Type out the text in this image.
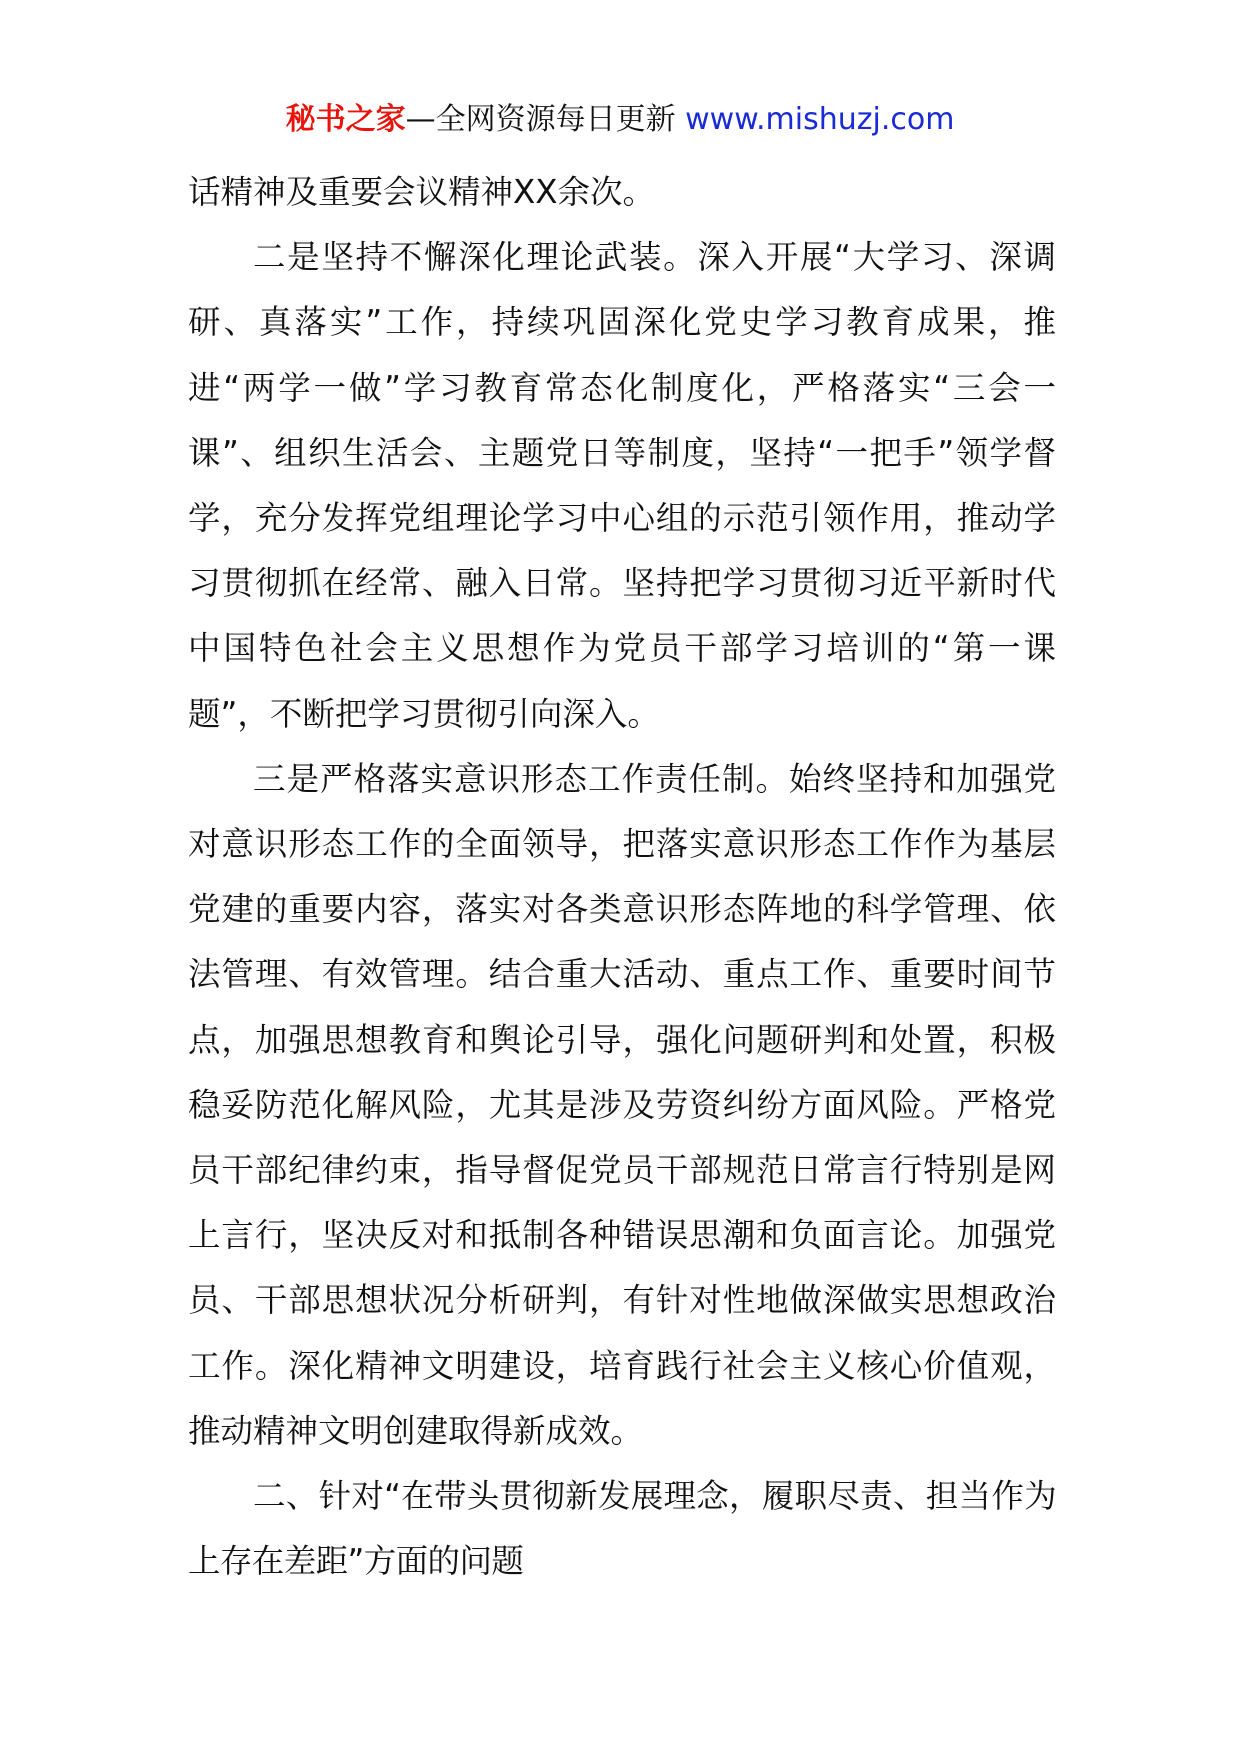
秘书之家—全网资源每日更新 www.mishuzj.com

话精神及重要会议精神XX余次。

二是坚持不懈深化理论武装。深入开展“大学习、深调研、真落实”工作，持续巩固深化党史学习教育成果，推进“两学一做”学习教育常态化制度化，严格落实“三会一课”、组织生活会、主题党日等制度，坚持“一把手”领学督学，充分发挥党组理论学习中心组的示范引领作用，推动学习贯彻抓在经常、融入日常。坚持把学习贯彻习近平新时代中国特色社会主义思想作为党员干部学习培训的“第一课题”，不断把学习贯彻引向深入。

三是严格落实意识形态工作责任制。始终坚持和加强党对意识形态工作的全面领导，把落实意识形态工作作为基层党建的重要内容，落实对各类意识形态阵地的科学管理、依法管理、有效管理。结合重大活动、重点工作、重要时间节点，加强思想教育和舆论引导，强化问题研判和处置，积极稳妥防范化解风险，尤其是涉及劳资纠纷方面风险。严格党员干部纪律约束，指导督促党员干部规范日常言行特别是网上言行，坚决反对和抵制各种错误思潮和负面言论。加强党员、干部思想状况分析研判，有针对性地做深做实思想政治工作。深化精神文明建设，培育践行社会主义核心价值观，推动精神文明创建取得新成效。

二、针对“在带头贯彻新发展理念，履职尽责、担当作为上存在差距”方面的问题
